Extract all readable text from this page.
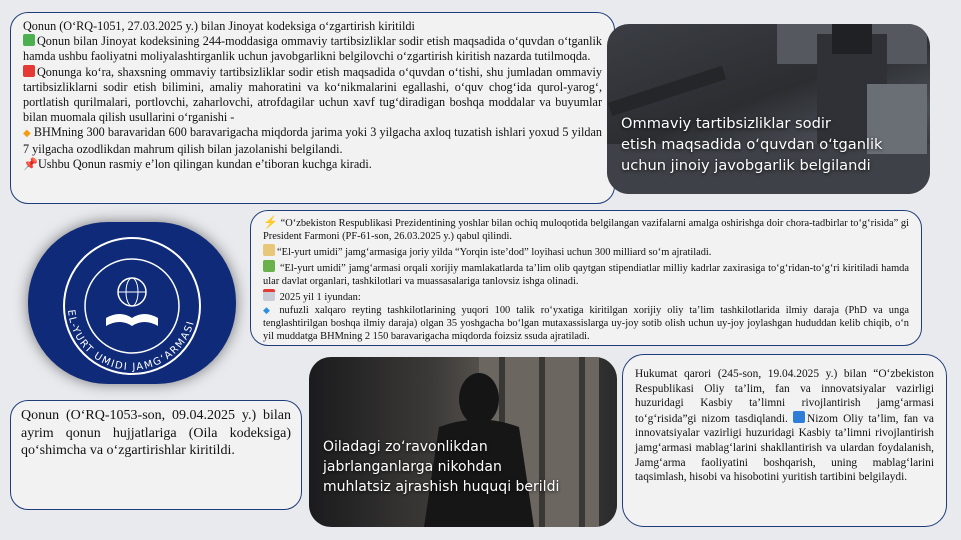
Qonun (O‘RQ-1051, 27.03.2025 y.) bilan Jinoyat kodeksiga o‘zgartirish kiritildi

Qonun bilan Jinoyat kodeksining 244-moddasiga ommaviy tartibsizliklar sodir etish maqsadida o‘quvdan o‘tganlik hamda ushbu faoliyatni moliyalashtirganlik uchun javobgarlikni belgilovchi o‘zgartirish kiritish nazarda tutilmoqda.

Qonunga ko‘ra, shaxsning ommaviy tartibsizliklar sodir etish maqsadida o‘quvdan o‘tishi, shu jumladan ommaviy tartibsizliklarni sodir etish bilimini, amaliy mahoratini va ko‘nikmalarini egallashi, o‘quv chog‘ida qurol-yarog‘, portlatish qurilmalari, portlovchi, zaharlovchi, atrofdagilar uchun xavf tug‘diradigan boshqa moddalar va buyumlar bilan muomala qilish usullarini o‘rganishi -

◆ BHMning 300 baravaridan 600 baravarigacha miqdorda jarima yoki 3 yilgacha axloq tuzatish ishlari yoxud 5 yildan 7 yilgacha ozodlikdan mahrum qilish bilan jazolanishi belgilandi.

📌Ushbu Qonun rasmiy e’lon qilingan kundan e’tiboran kuchga kiradi.

Ommaviy tartibsizliklar sodir
etish maqsadida o‘quvdan o‘tganlik
uchun jinoiy javobgarlik belgilandi
EL-YURT UMIDI JAMG‘ARMASI

⚡ “O‘zbekiston Respublikasi Prezidentining yoshlar bilan ochiq muloqotida belgilangan vazifalarni amalga oshirishga doir chora-tadbirlar to‘g‘risida” gi President Farmoni (PF-61-son, 26.03.2025 y.) qabul qilindi.

“El-yurt umidi” jamg‘armasiga joriy yilda “Yorqin iste’dod” loyihasi uchun 300 milliard so‘m ajratiladi.

“El-yurt umidi” jamg‘armasi orqali xorijiy mamlakatlarda ta’lim olib qaytgan stipendiatlar milliy kadrlar zaxirasiga to‘g‘ridan-to‘g‘ri kiritiladi hamda ular davlat organlari, tashkilotlari va muassasalariga tanlovsiz ishga olinadi.

2025 yil 1 iyundan:

◆ nufuzli xalqaro reyting tashkilotlarining yuqori 100 talik ro‘yxatiga kiritilgan xorijiy oliy ta’lim tashkilotlarida ilmiy daraja (PhD va unga tenglashtirilgan boshqa ilmiy daraja) olgan 35 yoshgacha bo‘lgan mutaxassislarga uy-joy sotib olish uchun uy-joy joylashgan hududdan kelib chiqib, o‘n yil muddatga BHMning 2 150 baravarigacha miqdorda foizsiz ssuda ajratiladi.

Qonun (O‘RQ-1053-son, 09.04.2025 y.) bilan ayrim qonun hujjatlariga (Oila kodeksiga) qo‘shimcha va o‘zgartirishlar kiritildi.	Oiladagi zo‘ravonlikdan
jabrlanganlarga nikohdan
muhlatsiz ajrashish huquqi berildi

Hukumat qarori (245-son, 19.04.2025 y.) bilan “O‘zbekiston Respublikasi Oliy ta’lim, fan va innovatsiyalar vazirligi huzuridagi Kasbiy ta’limni rivojlantirish jamg‘armasi to‘g‘risida”gi nizom tasdiqlandi. Nizom Oliy ta’lim, fan va innovatsiyalar vazirligi huzuridagi Kasbiy ta’limni rivojlantirish jamg‘armasi mablag‘larini shakllantirish va ulardan foydalanish, Jamg‘arma faoliyatini boshqarish, uning mablag‘larini taqsimlash, hisobi va hisobotini yuritish tartibini belgilaydi.
